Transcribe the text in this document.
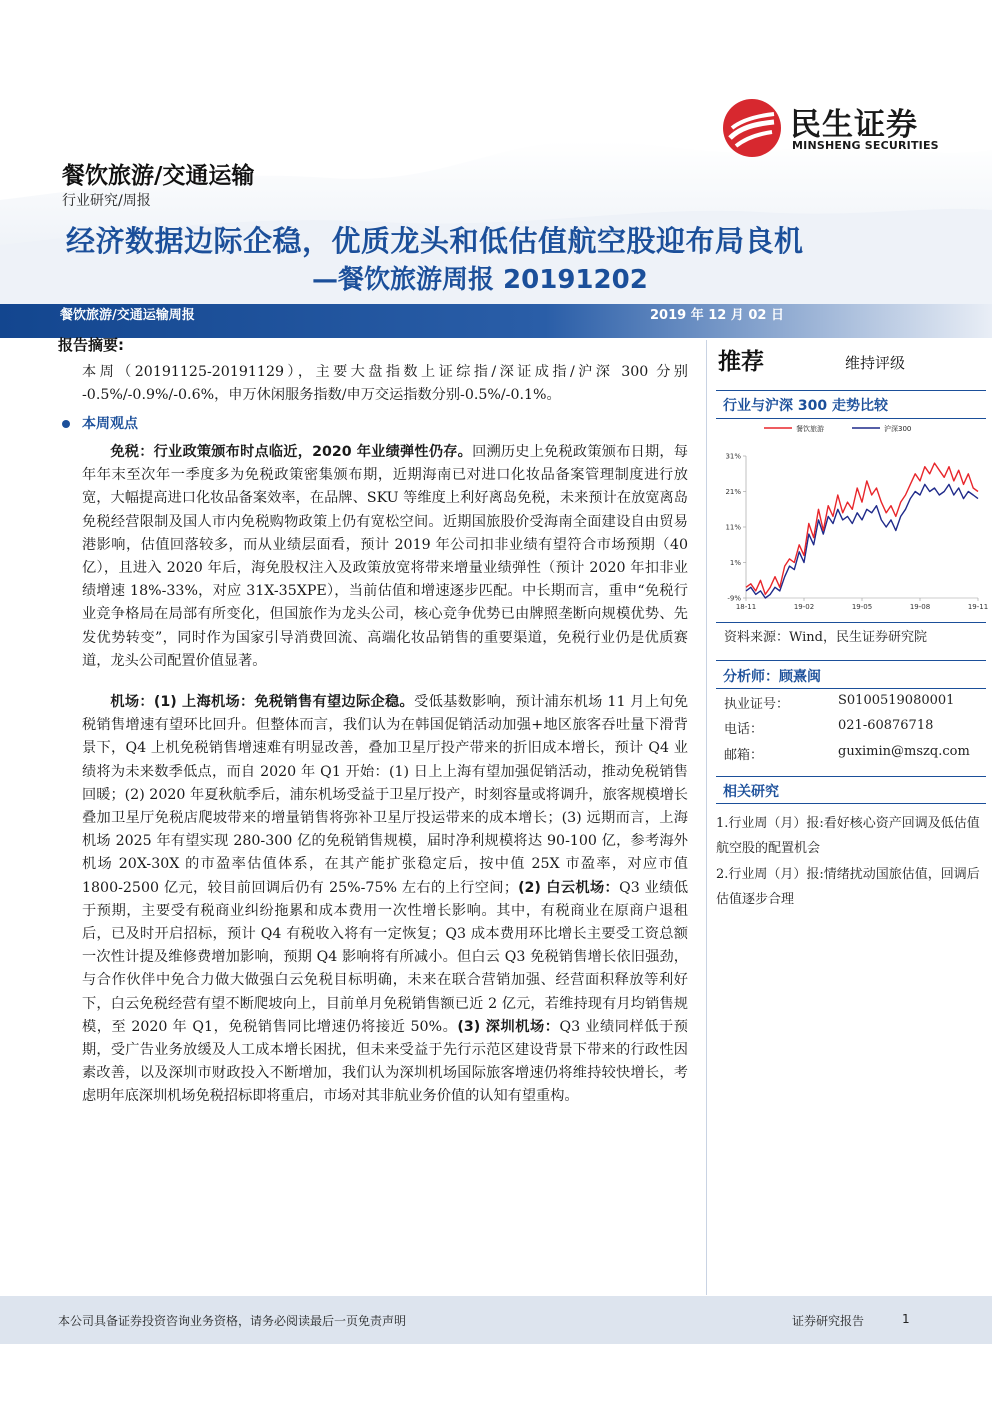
民生证券
MINSHENG SECURITIES
餐饮旅游/交通运输
行业研究/周报
经济数据边际企稳，优质龙头和低估值航空股迎布局良机
—餐饮旅游周报 20191202
餐饮旅游/交通运输周报	2019 年 12 月 02 日
报告摘要:
本周（20191125-20191129），主要大盘指数上证综指/深证成指/沪深 300 分别 -0.5%/-0.9%/-0.6%，申万休闲服务指数/申万交运指数分别-0.5%/-0.1%。
本周观点
免税：行业政策颁布时点临近，2020 年业绩弹性仍存。回溯历史上免税政策颁布日期，每年年末至次年一季度多为免税政策密集颁布期，近期海南已对进口化妆品备案管理制度进行放宽，大幅提高进口化妆品备案效率，在品牌、SKU 等维度上利好离岛免税，未来预计在放宽离岛免税经营限制及国人市内免税购物政策上仍有宽松空间。近期国旅股价受海南全面建设自由贸易港影响，估值回落较多，而从业绩层面看，预计 2019 年公司扣非业绩有望符合市场预期（40 亿），且进入 2020 年后，海免股权注入及政策放宽将带来增量业绩弹性（预计 2020 年扣非业绩增速 18%-33%，对应 31X-35XPE），当前估值和增速逐步匹配。中长期而言，重申“免税行业竞争格局在局部有所变化，但国旅作为龙头公司，核心竞争优势已由牌照垄断向规模优势、先发优势转变”，同时作为国家引导消费回流、高端化妆品销售的重要渠道，免税行业仍是优质赛道，龙头公司配置价值显著。
机场：(1) 上海机场：免税销售有望边际企稳。受低基数影响，预计浦东机场 11 月上旬免税销售增速有望环比回升。但整体而言，我们认为在韩国促销活动加强+地区旅客吞吐量下滑背景下，Q4 上机免税销售增速难有明显改善，叠加卫星厅投产带来的折旧成本增长，预计 Q4 业绩将为未来数季低点，而自 2020 年 Q1 开始：(1) 日上上海有望加强促销活动，推动免税销售回暖；(2) 2020 年夏秋航季后，浦东机场受益于卫星厅投产，时刻容量或将调升，旅客规模增长叠加卫星厅免税店爬坡带来的增量销售将弥补卫星厅投运带来的成本增长；(3) 远期而言，上海机场 2025 年有望实现 280-300 亿的免税销售规模，届时净利规模将达 90-100 亿，参考海外机场 20X-30X 的市盈率估值体系，在其产能扩张稳定后，按中值 25X 市盈率，对应市值 1800-2500 亿元，较目前回调后仍有 25%-75% 左右的上行空间；(2) 白云机场：Q3 业绩低于预期，主要受有税商业纠纷拖累和成本费用一次性增长影响。其中，有税商业在原商户退租后，已及时开启招标，预计 Q4 有税收入将有一定恢复；Q3 成本费用环比增长主要受工资总额一次性计提及维修费增加影响，预期 Q4 影响将有所减小。但白云 Q3 免税销售增长依旧强劲，与合作伙伴中免合力做大做强白云免税目标明确，未来在联合营销加强、经营面积释放等利好下，白云免税经营有望不断爬坡向上，目前单月免税销售额已近 2 亿元，若维持现有月均销售规模，至 2020 年 Q1，免税销售同比增速仍将接近 50%。(3) 深圳机场：Q3 业绩同样低于预期，受广告业务放缓及人工成本增长困扰，但未来受益于先行示范区建设背景下带来的行政性因素改善，以及深圳市财政投入不断增加，我们认为深圳机场国际旅客增速仍将维持较快增长，考虑明年底深圳机场免税招标即将重启，市场对其非航业务价值的认知有望重构。
推荐	维持评级
行业与沪深 300 走势比较
餐饮旅游	沪深300
31%
21%
11%
1%
-9%
18-11	19-02	19-05	19-08	19-11
资料来源：Wind，民生证券研究院
分析师：顾熹闽
执业证号：	S0100519080001
电话：	021-60876718
邮箱：	guximin@mszq.com
相关研究
1.行业周（月）报:看好核心资产回调及低估值航空股的配置机会
2.行业周（月）报:情绪扰动国旅估值，回调后估值逐步合理
本公司具备证券投资咨询业务资格，请务必阅读最后一页免责声明	证券研究报告	1
